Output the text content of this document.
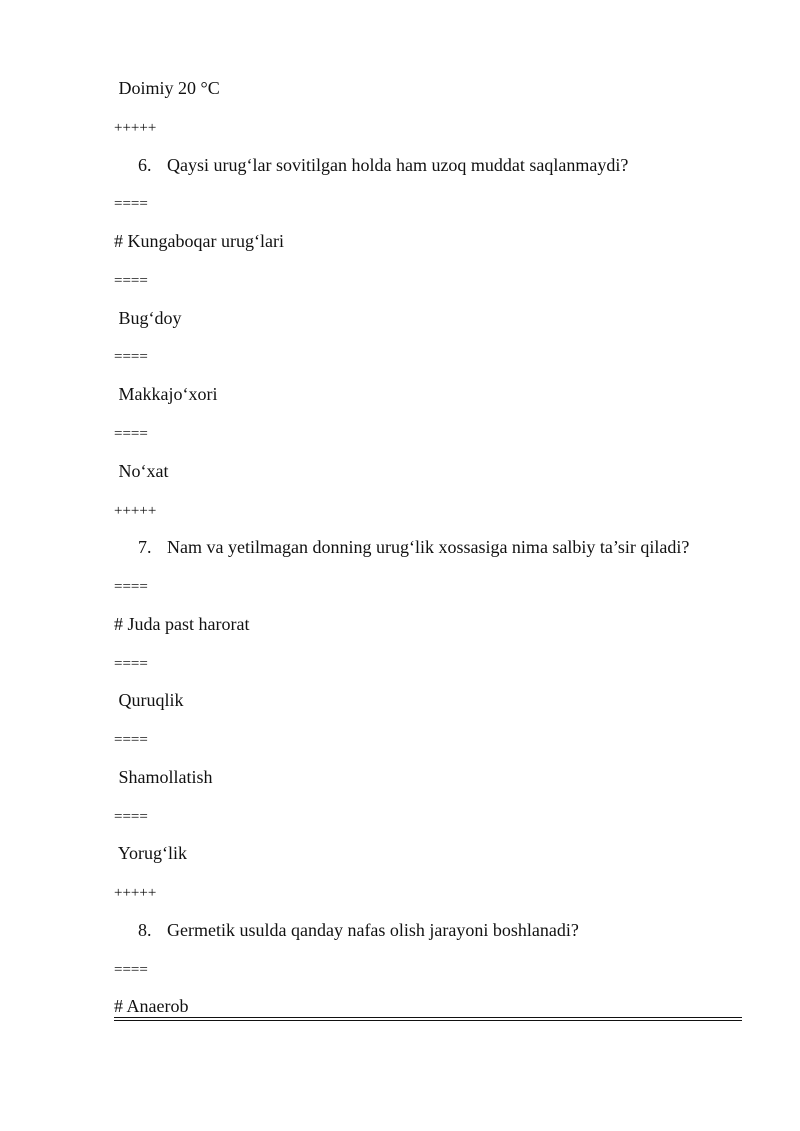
Doimiy 20 °C
+++++
6. Qaysi urug‘lar sovitilgan holda ham uzoq muddat saqlanmaydi?
====
# Kungaboqar urug‘lari
====
Bug‘doy
====
Makkajo‘xori
====
No‘xat
+++++
7. Nam va yetilmagan donning urug‘lik xossasiga nima salbiy ta’sir qiladi?
====
# Juda past harorat
====
Quruqlik
====
Shamollatish
====
Yorug‘lik
+++++
8. Germetik usulda qanday nafas olish jarayoni boshlanadi?
====
# Anaerob
